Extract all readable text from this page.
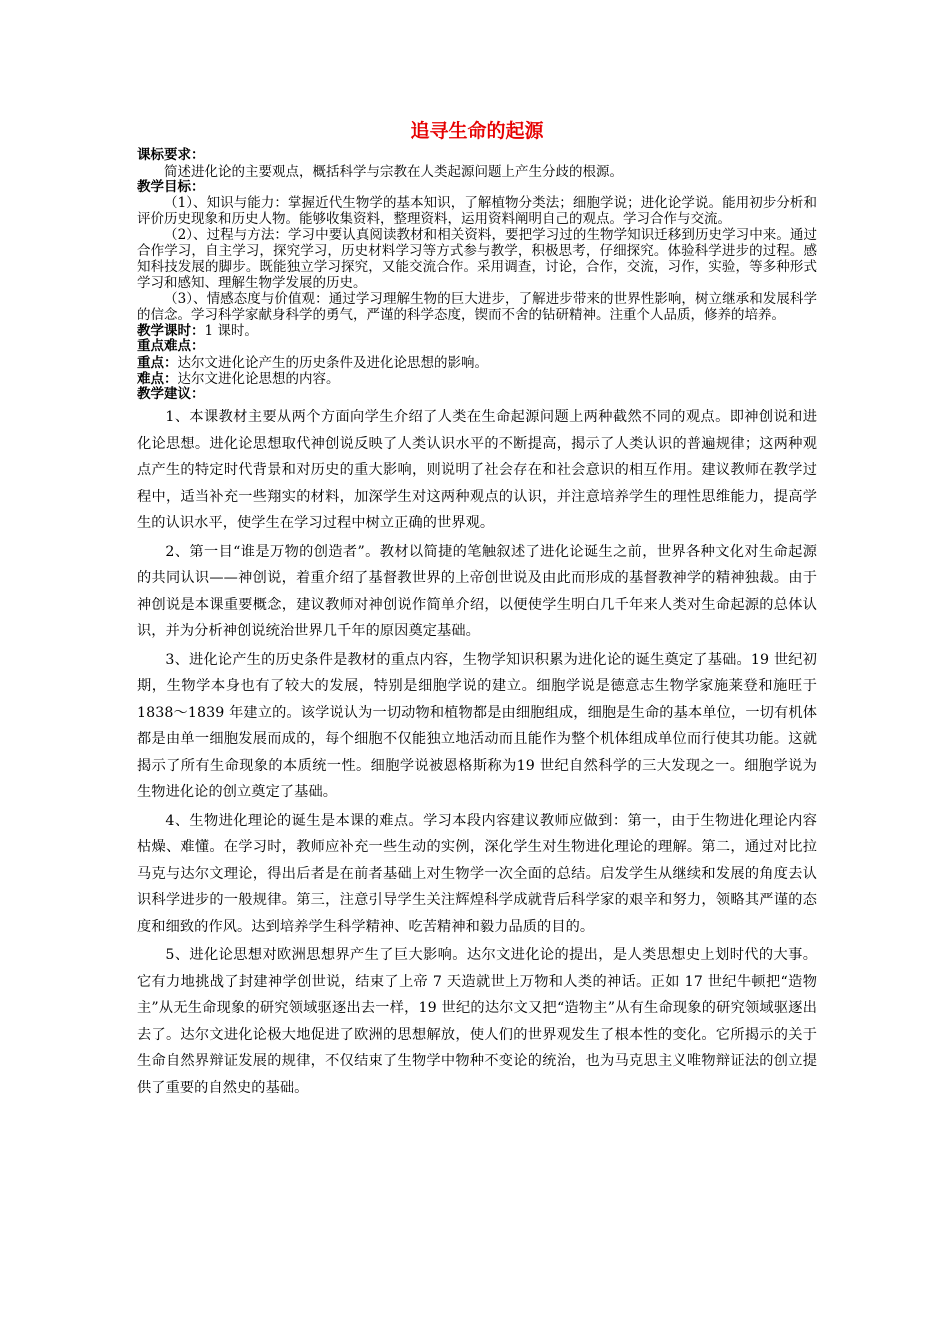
追寻生命的起源

课标要求：

简述进化论的主要观点，概括科学与宗教在人类起源问题上产生分歧的根源。

教学目标：

（1）、知识与能力：掌握近代生物学的基本知识，了解植物分类法；细胞学说；进化论学说。能用初步分析和评价历史现象和历史人物。能够收集资料，整理资料，运用资料阐明自己的观点。学习合作与交流。

（2）、过程与方法：学习中要认真阅读教材和相关资料，要把学习过的生物学知识迁移到历史学习中来。通过合作学习，自主学习，探究学习，历史材料学习等方式参与教学，积极思考，仔细探究。体验科学进步的过程。感知科技发展的脚步。既能独立学习探究，又能交流合作。采用调查，讨论，合作，交流，习作，实验，等多种形式学习和感知、理解生物学发展的历史。

（3）、情感态度与价值观：通过学习理解生物的巨大进步，了解进步带来的世界性影响，树立继承和发展科学的信念。学习科学家献身科学的勇气，严谨的科学态度，锲而不舍的钻研精神。注重个人品质，修养的培养。

教学课时：1 课时。

重点难点：

重点：达尔文进化论产生的历史条件及进化论思想的影响。

难点：达尔文进化论思想的内容。

教学建议：

1、本课教材主要从两个方面向学生介绍了人类在生命起源问题上两种截然不同的观点。即神创说和进化论思想。进化论思想取代神创说反映了人类认识水平的不断提高，揭示了人类认识的普遍规律；这两种观点产生的特定时代背景和对历史的重大影响，则说明了社会存在和社会意识的相互作用。建议教师在教学过程中，适当补充一些翔实的材料，加深学生对这两种观点的认识，并注意培养学生的理性思维能力，提高学生的认识水平，使学生在学习过程中树立正确的世界观。

2、第一目“谁是万物的创造者”。教材以简捷的笔触叙述了进化论诞生之前，世界各种文化对生命起源的共同认识——神创说，着重介绍了基督教世界的上帝创世说及由此而形成的基督教神学的精神独裁。由于神创说是本课重要概念，建议教师对神创说作简单介绍，以便使学生明白几千年来人类对生命起源的总体认识，并为分析神创说统治世界几千年的原因奠定基础。

3、进化论产生的历史条件是教材的重点内容，生物学知识积累为进化论的诞生奠定了基础。19 世纪初期，生物学本身也有了较大的发展，特别是细胞学说的建立。细胞学说是德意志生物学家施莱登和施旺于 1838～1839 年建立的。该学说认为一切动物和植物都是由细胞组成，细胞是生命的基本单位，一切有机体都是由单一细胞发展而成的，每个细胞不仅能独立地活动而且能作为整个机体组成单位而行使其功能。这就揭示了所有生命现象的本质统一性。细胞学说被恩格斯称为19 世纪自然科学的三大发现之一。细胞学说为生物进化论的创立奠定了基础。

4、生物进化理论的诞生是本课的难点。学习本段内容建议教师应做到：第一，由于生物进化理论内容枯燥、难懂。在学习时，教师应补充一些生动的实例，深化学生对生物进化理论的理解。第二，通过对比拉马克与达尔文理论，得出后者是在前者基础上对生物学一次全面的总结。启发学生从继续和发展的角度去认识科学进步的一般规律。第三，注意引导学生关注辉煌科学成就背后科学家的艰辛和努力，领略其严谨的态度和细致的作风。达到培养学生科学精神、吃苦精神和毅力品质的目的。

5、进化论思想对欧洲思想界产生了巨大影响。达尔文进化论的提出，是人类思想史上划时代的大事。它有力地挑战了封建神学创世说，结束了上帝 7 天造就世上万物和人类的神话。正如 17 世纪牛顿把“造物主”从无生命现象的研究领域驱逐出去一样，19 世纪的达尔文又把“造物主”从有生命现象的研究领域驱逐出去了。达尔文进化论极大地促进了欧洲的思想解放，使人们的世界观发生了根本性的变化。它所揭示的关于生命自然界辩证发展的规律，不仅结束了生物学中物种不变论的统治，也为马克思主义唯物辩证法的创立提供了重要的自然史的基础。
